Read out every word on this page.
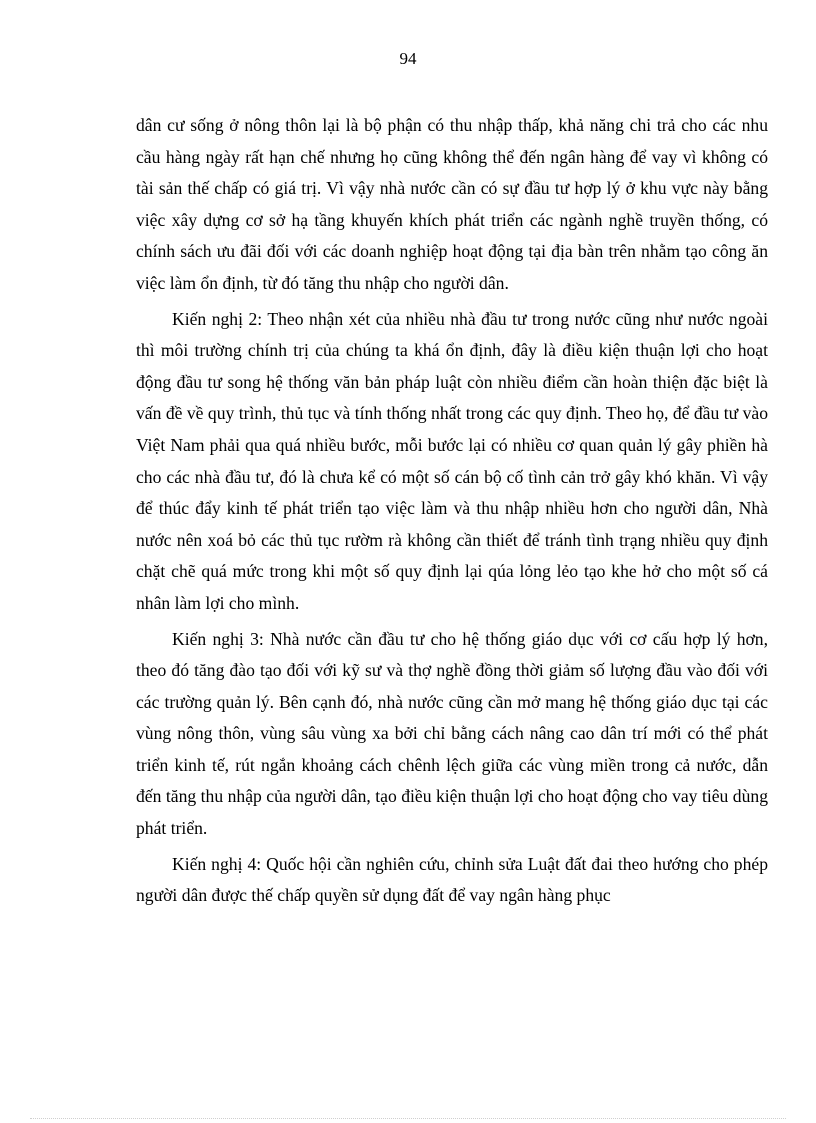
94

dân cư sống ở nông thôn lại là bộ phận có thu nhập thấp, khả năng chi trả cho các nhu cầu hàng ngày rất hạn chế nhưng họ cũng không thể đến ngân hàng để vay vì không có tài sản thế chấp có giá trị. Vì vậy nhà nước cần có sự đầu tư hợp lý ở khu vực này bằng việc xây dựng cơ sở hạ tầng khuyến khích phát triển các ngành nghề truyền thống, có chính sách ưu đãi đối với các doanh nghiệp hoạt động tại địa bàn trên nhằm tạo công ăn việc làm ổn định, từ đó tăng thu nhập cho người dân.

Kiến nghị 2: Theo nhận xét của nhiều nhà đầu tư trong nước cũng như nước ngoài thì môi trường chính trị của chúng ta khá ổn định, đây là điều kiện thuận lợi cho hoạt động đầu tư song hệ thống văn bản pháp luật còn nhiều điểm cần hoàn thiện đặc biệt là vấn đề về quy trình, thủ tục và tính thống nhất trong các quy định. Theo họ, để đầu tư vào Việt Nam phải qua quá nhiều bước, mỗi bước lại có nhiều cơ quan quản lý gây phiền hà cho các nhà đầu tư, đó là chưa kể có một số cán bộ cố tình cản trở gây khó khăn. Vì vậy để thúc đẩy kinh tế phát triển tạo việc làm và thu nhập nhiều hơn cho người dân, Nhà nước nên xoá bỏ các thủ tục rườm rà không cần thiết để tránh tình trạng nhiều quy định chặt chẽ quá mức trong khi một số quy định lại qúa lỏng lẻo tạo khe hở cho một số cá nhân làm lợi cho mình.

Kiến nghị 3: Nhà nước cần đầu tư cho hệ thống giáo dục với cơ cấu hợp lý hơn, theo đó tăng đào tạo đối với kỹ sư và thợ nghề đồng thời giảm số lượng đầu vào đối với các trường quản lý. Bên cạnh đó, nhà nước cũng cần mở mang hệ thống giáo dục tại các vùng nông thôn, vùng sâu vùng xa bởi chỉ bằng cách nâng cao dân trí mới có thể phát triển kinh tế, rút ngắn khoảng cách chênh lệch giữa các vùng miền trong cả nước, dẫn đến tăng thu nhập của người dân, tạo điều kiện thuận lợi cho hoạt động cho vay tiêu dùng phát triển.

Kiến nghị 4: Quốc hội cần nghiên cứu, chỉnh sửa Luật đất đai theo hướng cho phép người dân được thế chấp quyền sử dụng đất để vay ngân hàng phục
